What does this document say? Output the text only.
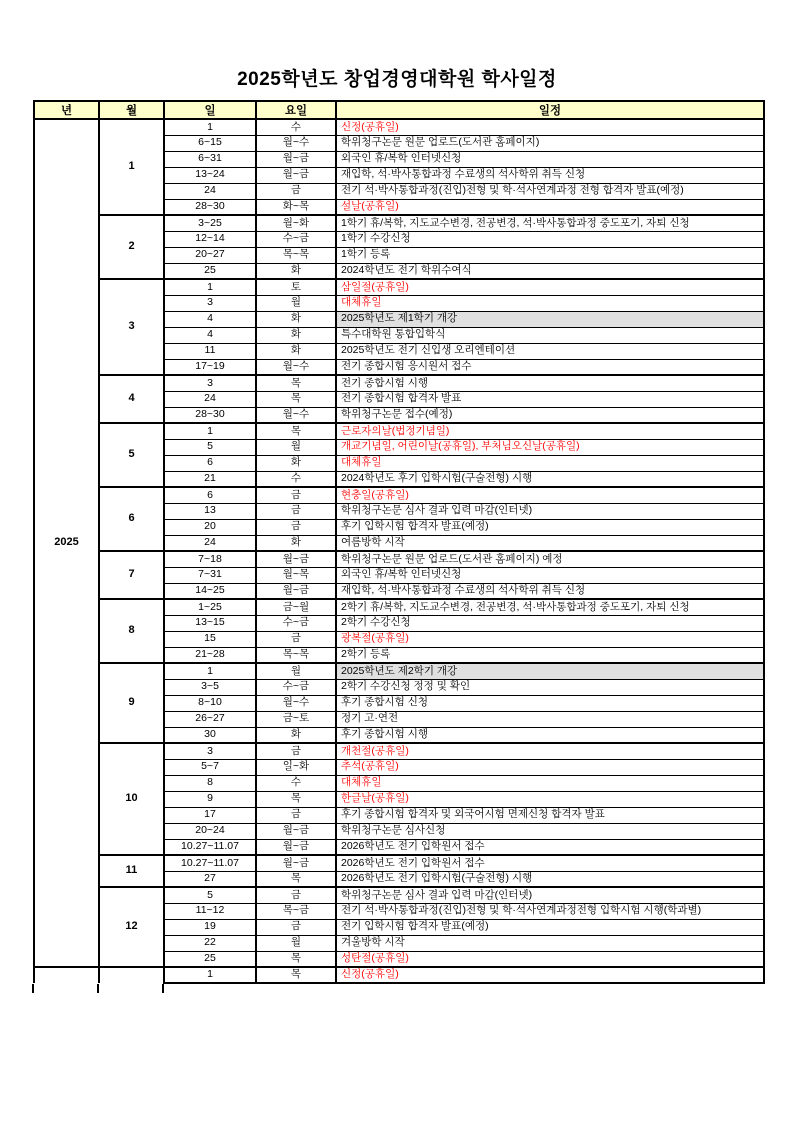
2025학년도 창업경영대학원 학사일정
년	월	일	요일	일정
2025	1	1	수	신정(공휴일)
		6~15	월~수	학위청구논문 원문 업로드(도서관 홈페이지)
		6~31	월~금	외국인 휴/복학 인터넷신청
		13~24	월~금	재입학, 석·박사통합과정 수료생의 석사학위 취득 신청
		24	금	전기 석·박사통합과정(진입)전형 및 학·석사연계과정 전형 합격자 발표(예정)
		28~30	화~목	설날(공휴일)
	2	3~25	월~화	1학기 휴/복학, 지도교수변경, 전공변경, 석·박사통합과정 중도포기, 자퇴 신청
		12~14	수~금	1학기 수강신청
		20~27	목~목	1학기 등록
		25	화	2024학년도 전기 학위수여식
	3	1	토	삼일절(공휴일)
		3	월	대체휴일
		4	화	2025학년도 제1학기 개강
		4	화	특수대학원 통합입학식
		11	화	2025학년도 전기 신입생 오리엔테이션
		17~19	월~수	전기 종합시험 응시원서 접수
	4	3	목	전기 종합시험 시행
		24	목	전기 종합시험 합격자 발표
		28~30	월~수	학위청구논문 접수(예정)
	5	1	목	근로자의날(법정기념일)
		5	월	개교기념일, 어린이날(공휴일), 부처님오신날(공휴일)
		6	화	대체휴일
		21	수	2024학년도 후기 입학시험(구술전형) 시행
	6	6	금	현충일(공휴일)
		13	금	학위청구논문 심사 결과 입력 마감(인터넷)
		20	금	후기 입학시험 합격자 발표(예정)
		24	화	여름방학 시작
	7	7~18	월~금	학위청구논문 원문 업로드(도서관 홈페이지) 예정
		7~31	월~목	외국인 휴/복학 인터넷신청
		14~25	월~금	재입학, 석·박사통합과정 수료생의 석사학위 취득 신청
	8	1~25	금~월	2학기 휴/복학, 지도교수변경, 전공변경, 석·박사통합과정 중도포기, 자퇴 신청
		13~15	수~금	2학기 수강신청
		15	금	광복절(공휴일)
		21~28	목~목	2학기 등록
	9	1	월	2025학년도 제2학기 개강
		3~5	수~금	2학기 수강신청 정정 및 확인
		8~10	월~수	후기 종합시험 신청
		26~27	금~토	정기 고·연전
		30	화	후기 종합시험 시행
	10	3	금	개천절(공휴일)
		5~7	일~화	추석(공휴일)
		8	수	대체휴일
		9	목	한글날(공휴일)
		17	금	후기 종합시험 합격자 및 외국어시험 면제신청 합격자 발표
		20~24	월~금	학위청구논문 심사신청
		10.27~11.07	월~금	2026학년도 전기 입학원서 접수
	11	10.27~11.07	월~금	2026학년도 전기 입학원서 접수
		27	목	2026학년도 전기 입학시험(구술전형) 시행
	12	5	금	학위청구논문 심사 결과 입력 마감(인터넷)
		11~12	목~금	전기 석·박사통합과정(진입)전형 및 학·석사연계과정전형 입학시험 시행(학과별)
		19	금	전기 입학시험 합격자 발표(예정)
		22	월	겨울방학 시작
		25	목	성탄절(공휴일)
		1	목	신정(공휴일)
